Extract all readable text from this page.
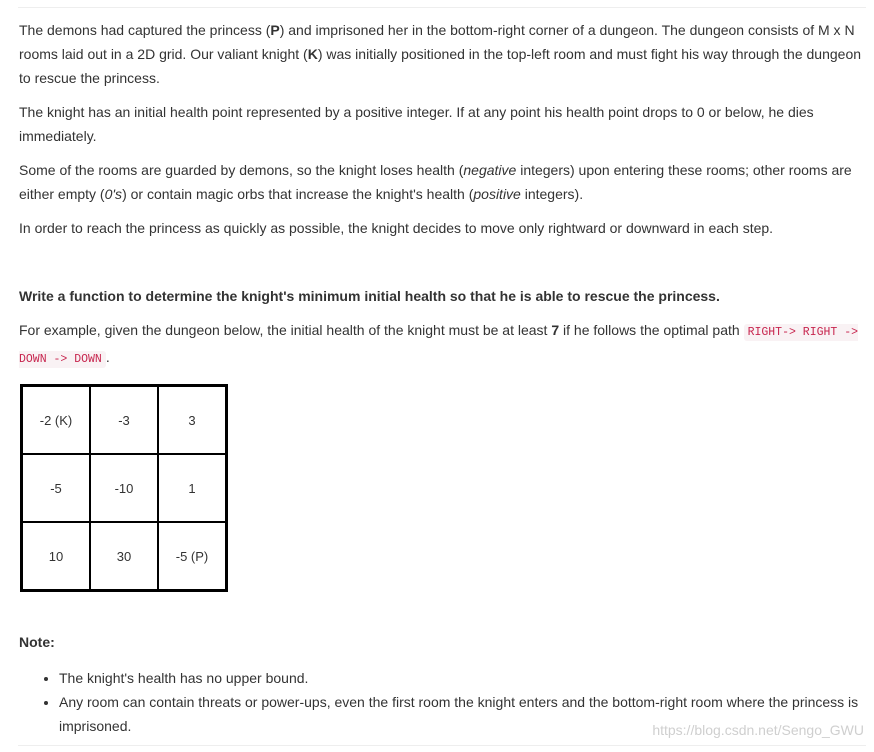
The demons had captured the princess (P) and imprisoned her in the bottom-right corner of a dungeon. The dungeon consists of M x N rooms laid out in a 2D grid. Our valiant knight (K) was initially positioned in the top-left room and must fight his way through the dungeon to rescue the princess.

The knight has an initial health point represented by a positive integer. If at any point his health point drops to 0 or below, he dies immediately.

Some of the rooms are guarded by demons, so the knight loses health (negative integers) upon entering these rooms; other rooms are either empty (0's) or contain magic orbs that increase the knight's health (positive integers).

In order to reach the princess as quickly as possible, the knight decides to move only rightward or downward in each step.

Write a function to determine the knight's minimum initial health so that he is able to rescue the princess.

For example, given the dungeon below, the initial health of the knight must be at least 7 if he follows the optimal path RIGHT-> RIGHT -> DOWN -> DOWN .

-2 (K)	-3	3
-5	-10	1
10	30	-5 (P)

Note:

• The knight's health has no upper bound.
• Any room can contain threats or power-ups, even the first room the knight enters and the bottom-right room where the princess is imprisoned.	https://blog.csdn.net/Sengo_GWU
